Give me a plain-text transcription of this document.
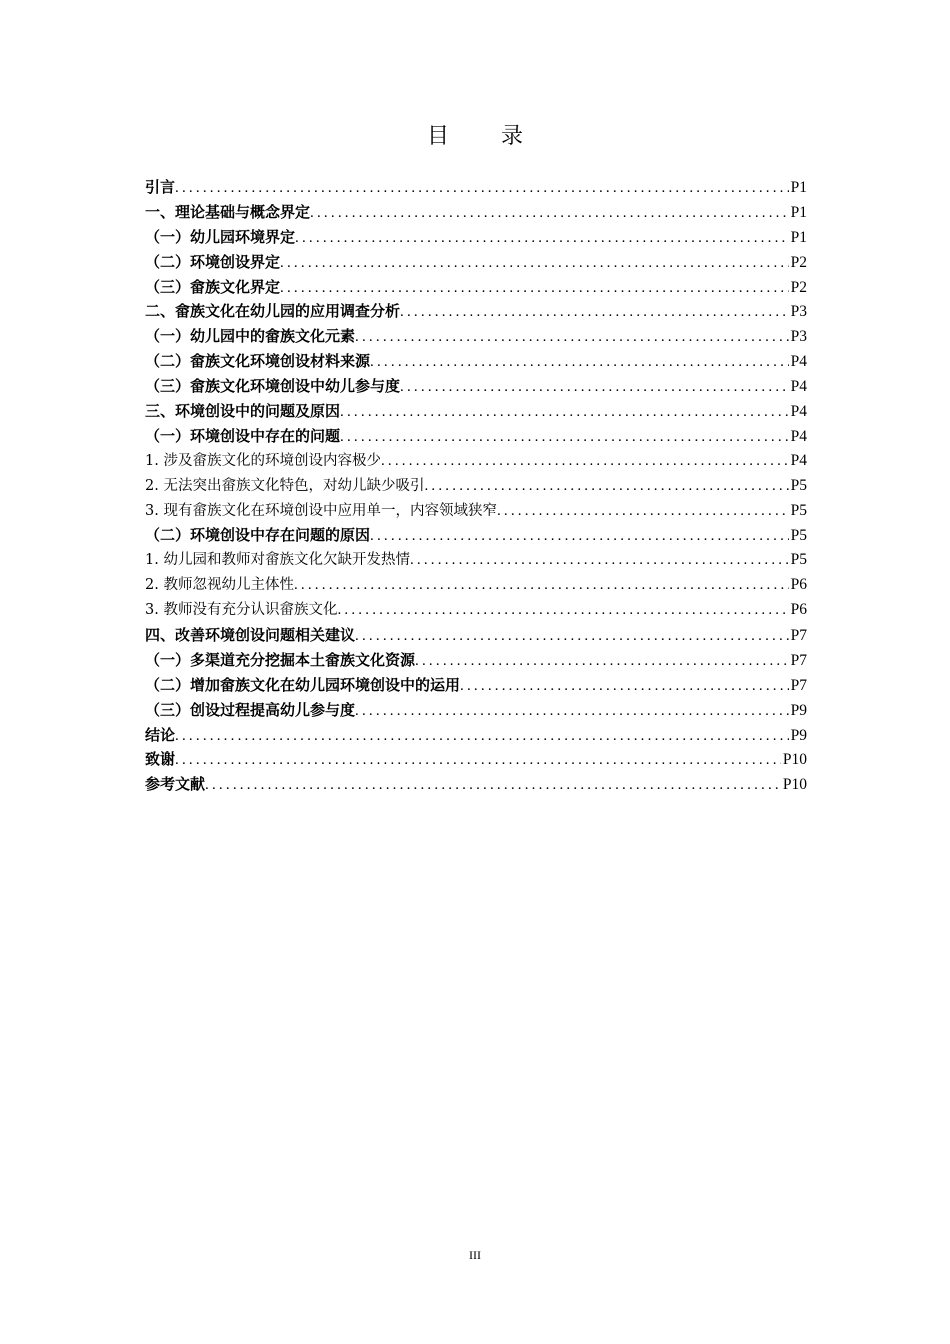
目录
引言 .....	P1
一、理论基础与概念界定 .....	P1
（一）幼儿园环境界定 .....	P1
（二）环境创设界定 .....	P2
（三）畲族文化界定 .....	P2
二、畲族文化在幼儿园的应用调查分析 .....	P3
（一）幼儿园中的畲族文化元素 .....	P3
（二）畲族文化环境创设材料来源 .....	P4
（三）畲族文化环境创设中幼儿参与度 .....	P4
三、环境创设中的问题及原因 .....	P4
（一）环境创设中存在的问题 .....	P4
1. 涉及畲族文化的环境创设内容极少 .....	P4
2. 无法突出畲族文化特色，对幼儿缺少吸引 .....	P5
3. 现有畲族文化在环境创设中应用单一，内容领域狭窄 .....	P5
（二）环境创设中存在问题的原因 .....	P5
1. 幼儿园和教师对畲族文化欠缺开发热情 .....	P5
2. 教师忽视幼儿主体性 .....	P6
3. 教师没有充分认识畲族文化 .....	P6
四、改善环境创设问题相关建议 .....	P7
（一）多渠道充分挖掘本土畲族文化资源 .....	P7
（二）增加畲族文化在幼儿园环境创设中的运用 .....	P7
（三）创设过程提高幼儿参与度 .....	P9
结论 .....	P9
致谢 .....	P10
参考文献 .....	P10
III
